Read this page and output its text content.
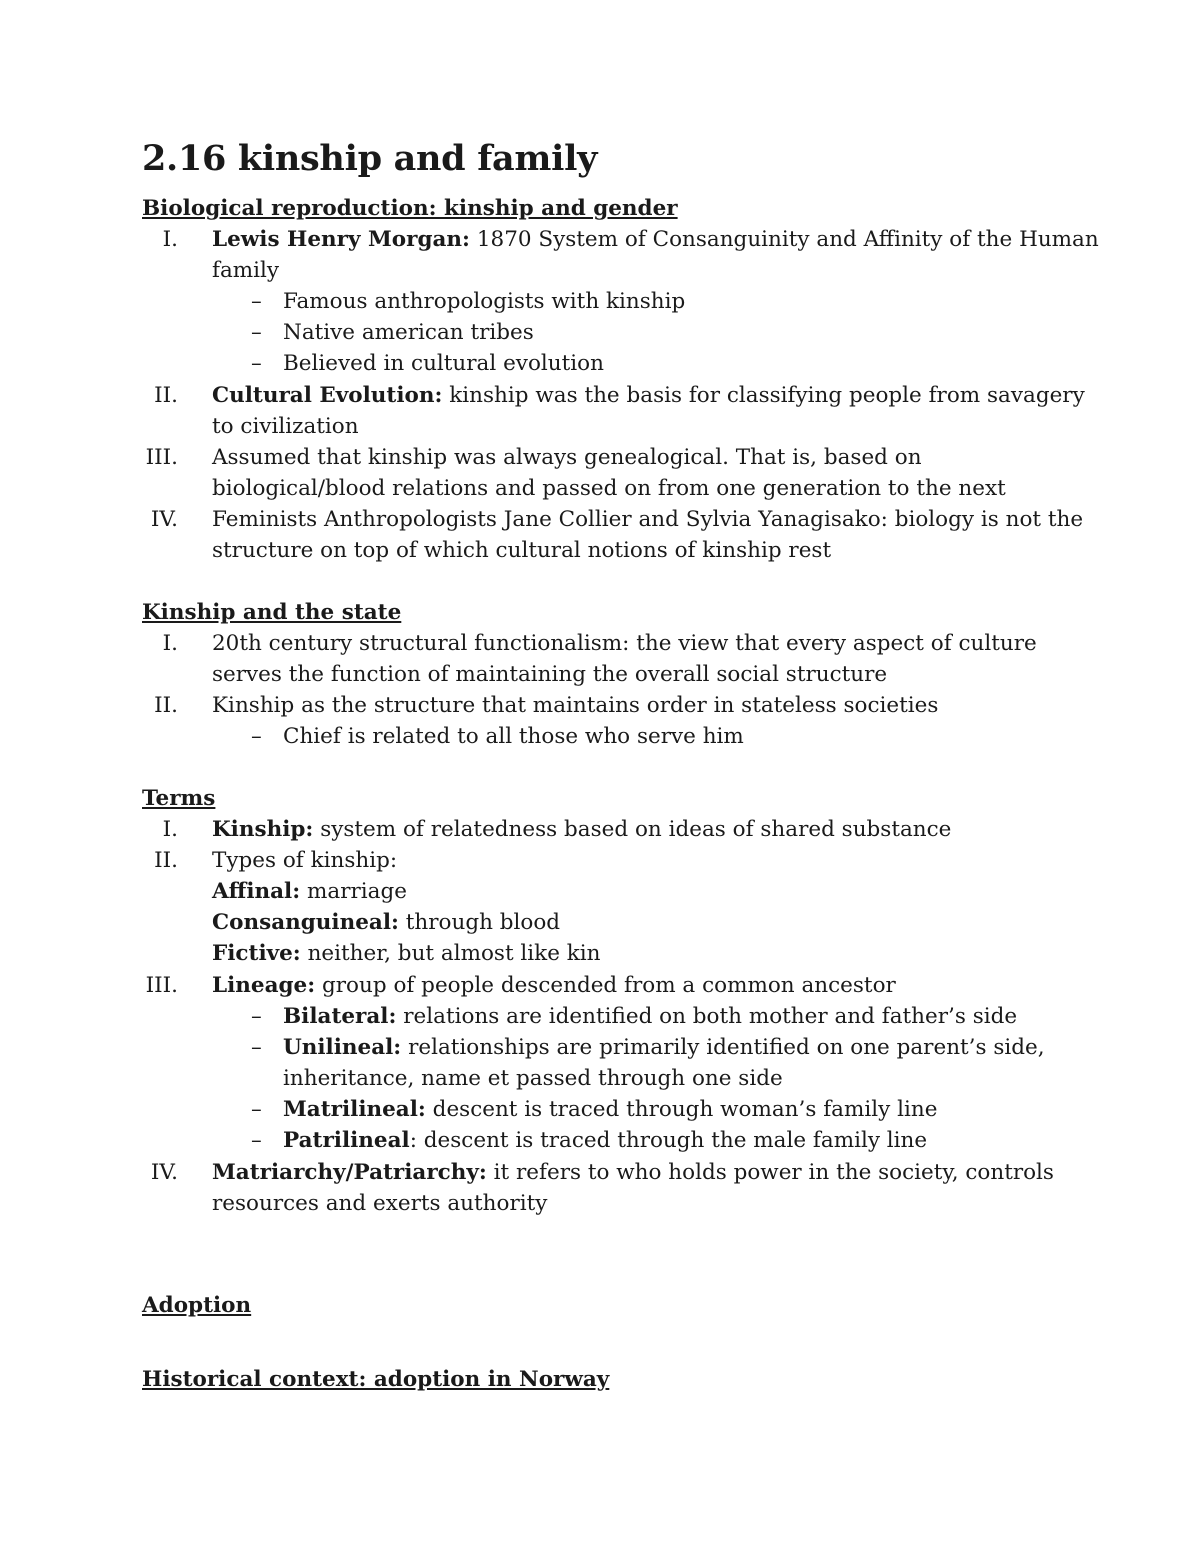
2.16 kinship and family
Biological reproduction: kinship and gender
I. Lewis Henry Morgan: 1870 System of Consanguinity and Affinity of the Human
family
– Famous anthropologists with kinship
– Native american tribes
– Believed in cultural evolution
II. Cultural Evolution: kinship was the basis for classifying people from savagery
to civilization
III. Assumed that kinship was always genealogical. That is, based on
biological/blood relations and passed on from one generation to the next
IV. Feminists Anthropologists Jane Collier and Sylvia Yanagisako: biology is not the
structure on top of which cultural notions of kinship rest
Kinship and the state
I. 20th century structural functionalism: the view that every aspect of culture
serves the function of maintaining the overall social structure
II. Kinship as the structure that maintains order in stateless societies
– Chief is related to all those who serve him
Terms
I. Kinship: system of relatedness based on ideas of shared substance
II. Types of kinship:
Affinal: marriage
Consanguineal: through blood
Fictive: neither, but almost like kin
III. Lineage: group of people descended from a common ancestor
– Bilateral: relations are identified on both mother and father’s side
– Unilineal: relationships are primarily identified on one parent’s side,
inheritance, name et passed through one side
– Matrilineal: descent is traced through woman’s family line
– Patrilineal: descent is traced through the male family line
IV. Matriarchy/Patriarchy: it refers to who holds power in the society, controls
resources and exerts authority
Adoption
Historical context: adoption in Norway
